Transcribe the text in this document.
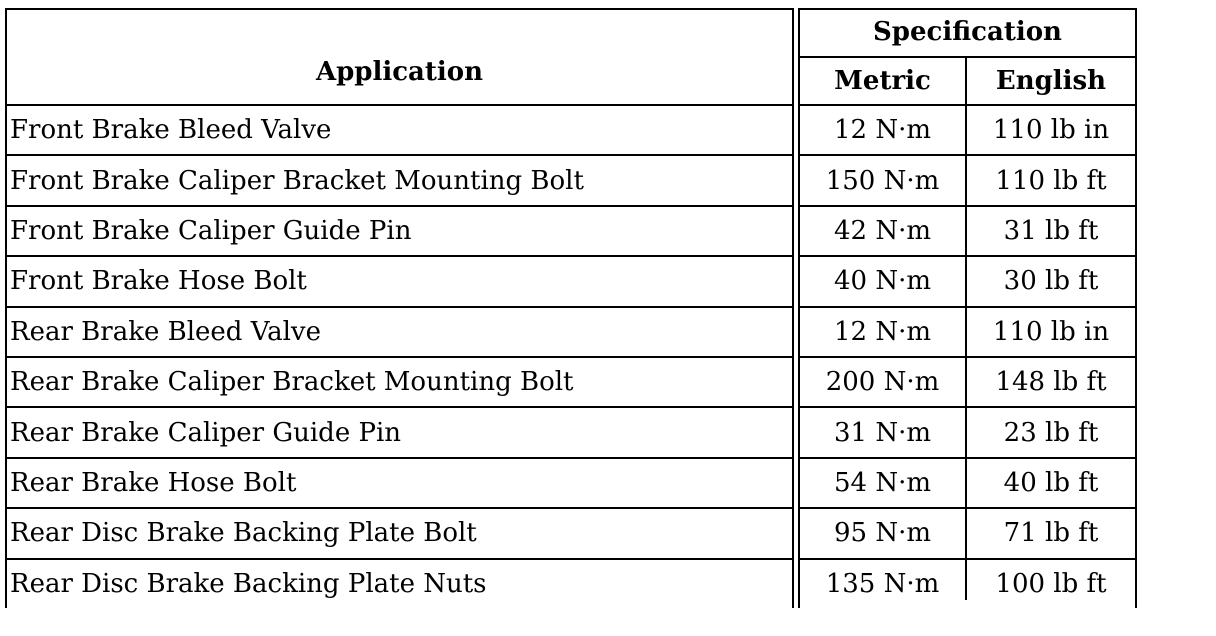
Application
Specification
Metric	English
Front Brake Bleed Valve	12 N·m	110 lb in
Front Brake Caliper Bracket Mounting Bolt	150 N·m	110 lb ft
Front Brake Caliper Guide Pin	42 N·m	31 lb ft
Front Brake Hose Bolt	40 N·m	30 lb ft
Rear Brake Bleed Valve	12 N·m	110 lb in
Rear Brake Caliper Bracket Mounting Bolt	200 N·m	148 lb ft
Rear Brake Caliper Guide Pin	31 N·m	23 lb ft
Rear Brake Hose Bolt	54 N·m	40 lb ft
Rear Disc Brake Backing Plate Bolt	95 N·m	71 lb ft
Rear Disc Brake Backing Plate Nuts	135 N·m	100 lb ft
